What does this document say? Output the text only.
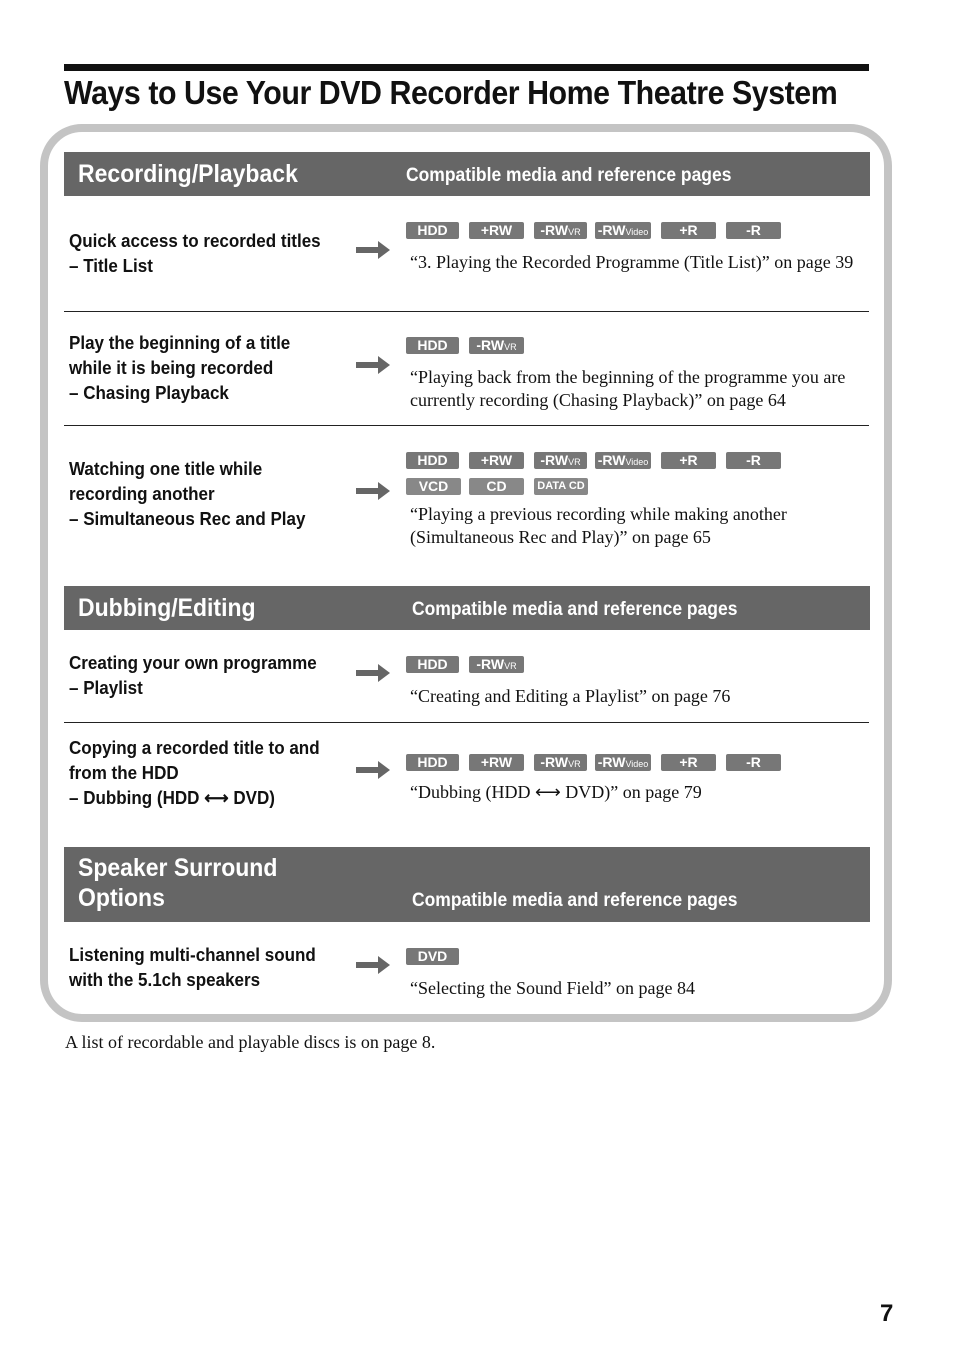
Ways to Use Your DVD Recorder Home Theatre System
Recording/Playback	Compatible media and reference pages
Quick access to recorded titles
– Title List
HDD	+RW	-RWVR	-RWVideo	+R	-R
“3. Playing the Recorded Programme (Title List)” on page 39
Play the beginning of a title
while it is being recorded
– Chasing Playback
HDD	-RWVR
“Playing back from the beginning of the programme you are currently recording (Chasing Playback)” on page 64
Watching one title while
recording another
– Simultaneous Rec and Play
HDD	+RW	-RWVR	-RWVideo	+R	-R
VCD	CD	DATA CD
“Playing a previous recording while making another (Simultaneous Rec and Play)” on page 65
Dubbing/Editing	Compatible media and reference pages
Creating your own programme
– Playlist
HDD	-RWVR
“Creating and Editing a Playlist” on page 76
Copying a recorded title to and
from the HDD
– Dubbing (HDD ⟷ DVD)
HDD	+RW	-RWVR	-RWVideo	+R	-R
“Dubbing (HDD ⟷ DVD)” on page 79
Speaker Surround
Options	Compatible media and reference pages
Listening multi-channel sound
with the 5.1ch speakers
DVD
“Selecting the Sound Field” on page 84
A list of recordable and playable discs is on page 8.
7
